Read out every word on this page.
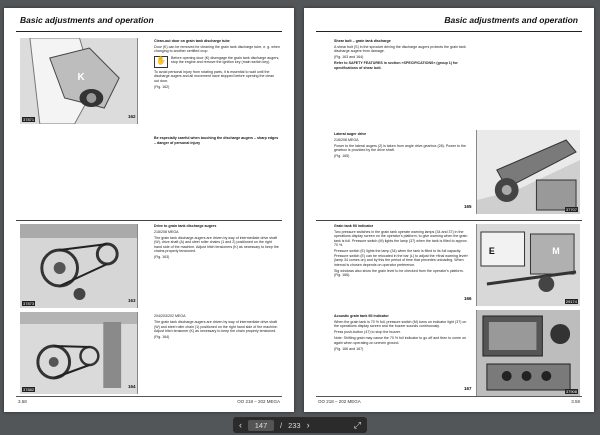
Basic adjustments and operation
K
37871
162
Clean-out door on grain tank discharge tube

Door (K) can be removed for cleaning the grain tank discharge tube, e. g. when changing to another certified crop.

✋	Before opening door (K) disengage the grain tank discharge augers, stop the engine and remove the ignition key (main switch key).

To avoid personal injury from rotating parts, it is essential to wait until the discharge augers and all movement have stopped before opening the clean out door.

(Fig. 162)

Be especially careful when touching the discharge augers – sharp edges – danger of personal injury
37873
163
Drive to grain tank discharge augers

218/208 MEGA

The grain tank discharge augers are driven by way of intermediate drive shaft (W), drive shaft (A) and steel roller chains (1 and 2) positioned on the right hand side of the machine. Adjust hitch tensioners (K) as necessary to keep the chains properly tensioned.

(Fig. 163)

37882
164

204/203/202 MEGA

The grain tank discharge augers are driven by way of intermediate drive shaft (W) and steel roller chain (1) positioned on the right hand side of the machine. Adjust hitch tensioner (K) as necessary to keep the chain properly tensioned.

(Fig. 164)

3.58	OO 218 – 202 MEGA
Basic adjustments and operation
Shear bolt – grain tank discharge

A shear bolt (S) in the sprocket driving the discharge augers protects the grain tank discharge augers from damage.

(Fig. 163 and 164)

Refer to SAFETY FEATURES in section »SPECIFICATIONS« (group 1) for specifications of shear bolt.

37707
165
Lateral auger drive

218/208 MEGA

Power to the lateral augers (2) is taken from angle drive gearbox (28). Power to the gearbox is provided by the drive shaft.

(Fig. 165)

E	M
29174
166
Grain tank fill indicator

Two pressure switches in the grain tank operate warning lamps (34 and 37) in the operations display screen on the operator's platform, to give warning when the grain tank is full. Pressure switch (M) lights the lamp (37) when the tank is filled to approx. 70 %.

Pressure switch (E) lights the lamp (34) when the tank is filled to its full capacity. Pressure switch (E) can be relocated in the bar (L) to adjust the »final warning level« (lamp 34 comes on) and by this the period of time that precedes unloading. When interval is chosen depends on operator preference.

Sig windows also show the grain level to be checked from the operator's platform. (Fig. 166).

37908
167
Acoustic grain tank fill indicator

When the grain tank is 70 % full, pressure switch (M) turns on indicator light (37) on the operations display screen and the buzzer sounds continuously.

Press push-button (47) to stop the buzzer.

Note: Shifting grain may cause the 70 % full indicator to go off and then to come on again when operating on uneven ground.

(Fig. 166 and 167)

OO 218 – 202 MEGA	3.59
‹	147	/ 233 ›	⤢
